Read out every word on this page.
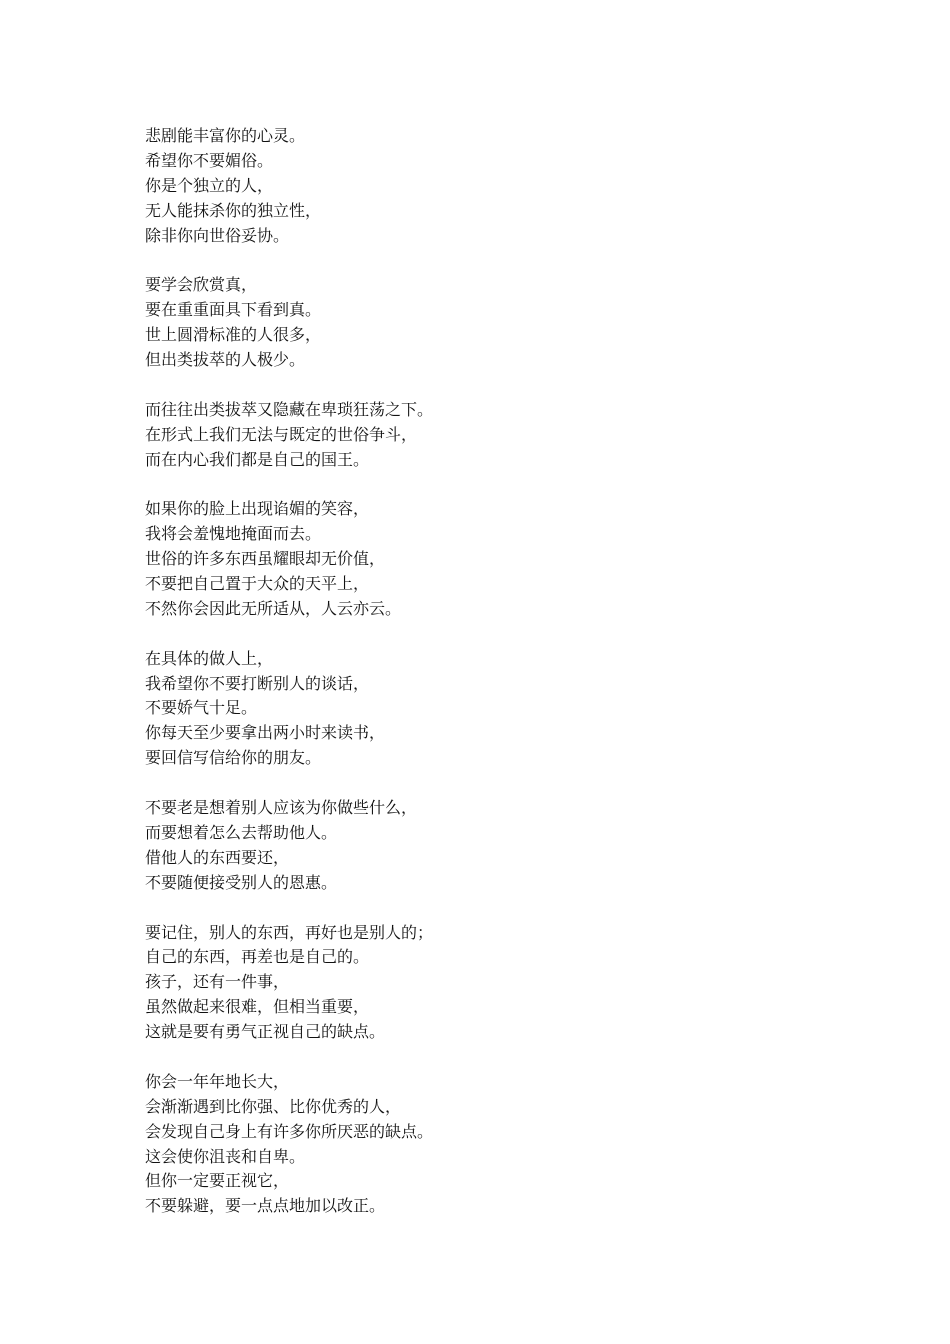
悲剧能丰富你的心灵。
希望你不要媚俗。
你是个独立的人，
无人能抹杀你的独立性，
除非你向世俗妥协。
要学会欣赏真，
要在重重面具下看到真。
世上圆滑标准的人很多，
但出类拔萃的人极少。
而往往出类拔萃又隐藏在卑琐狂荡之下。
在形式上我们无法与既定的世俗争斗，
而在内心我们都是自己的国王。
如果你的脸上出现谄媚的笑容，
我将会羞愧地掩面而去。
世俗的许多东西虽耀眼却无价值，
不要把自己置于大众的天平上，
不然你会因此无所适从，人云亦云。
在具体的做人上，
我希望你不要打断别人的谈话，
不要娇气十足。
你每天至少要拿出两小时来读书，
要回信写信给你的朋友。
不要老是想着别人应该为你做些什么，
而要想着怎么去帮助他人。
借他人的东西要还，
不要随便接受别人的恩惠。
要记住，别人的东西，再好也是别人的；
自己的东西，再差也是自己的。
孩子，还有一件事，
虽然做起来很难，但相当重要，
这就是要有勇气正视自己的缺点。
你会一年年地长大，
会渐渐遇到比你强、比你优秀的人，
会发现自己身上有许多你所厌恶的缺点。
这会使你沮丧和自卑。
但你一定要正视它，
不要躲避，要一点点地加以改正。
